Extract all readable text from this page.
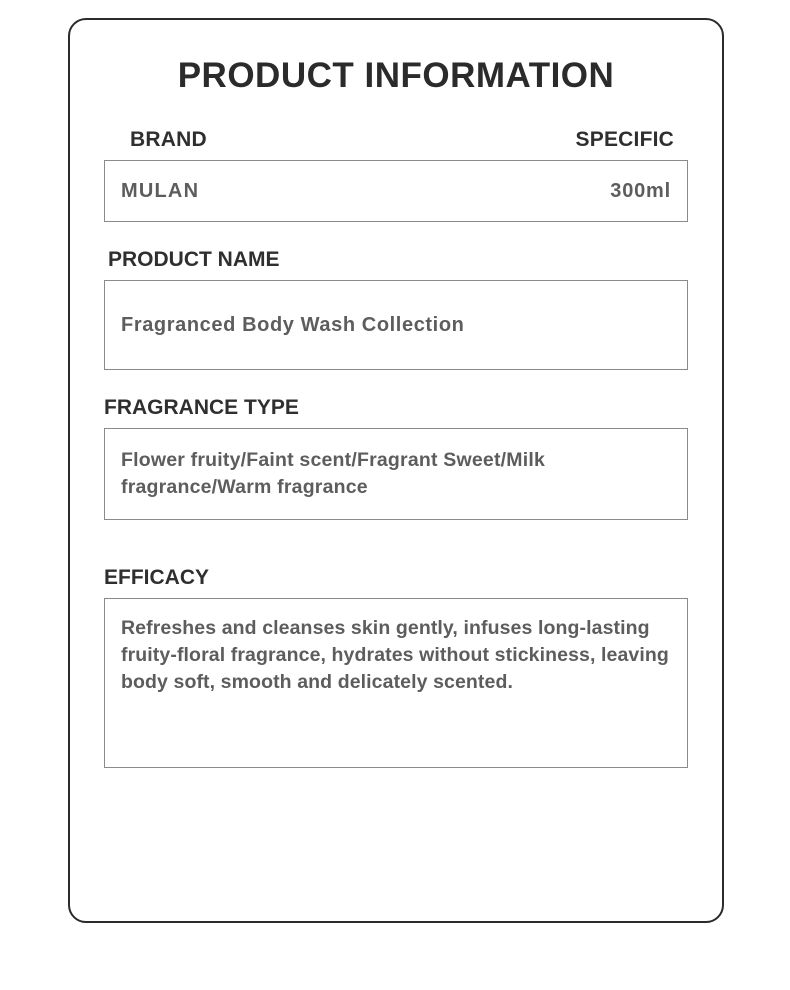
PRODUCT INFORMATION
BRAND	SPECIFIC
MULAN	300ml
PRODUCT NAME
Fragranced Body Wash Collection
FRAGRANCE TYPE
Flower fruity/Faint scent/Fragrant Sweet/Milk fragrance/Warm fragrance
EFFICACY
Refreshes and cleanses skin gently, infuses long-lasting fruity-floral fragrance, hydrates without stickiness, leaving body soft, smooth and delicately scented.
